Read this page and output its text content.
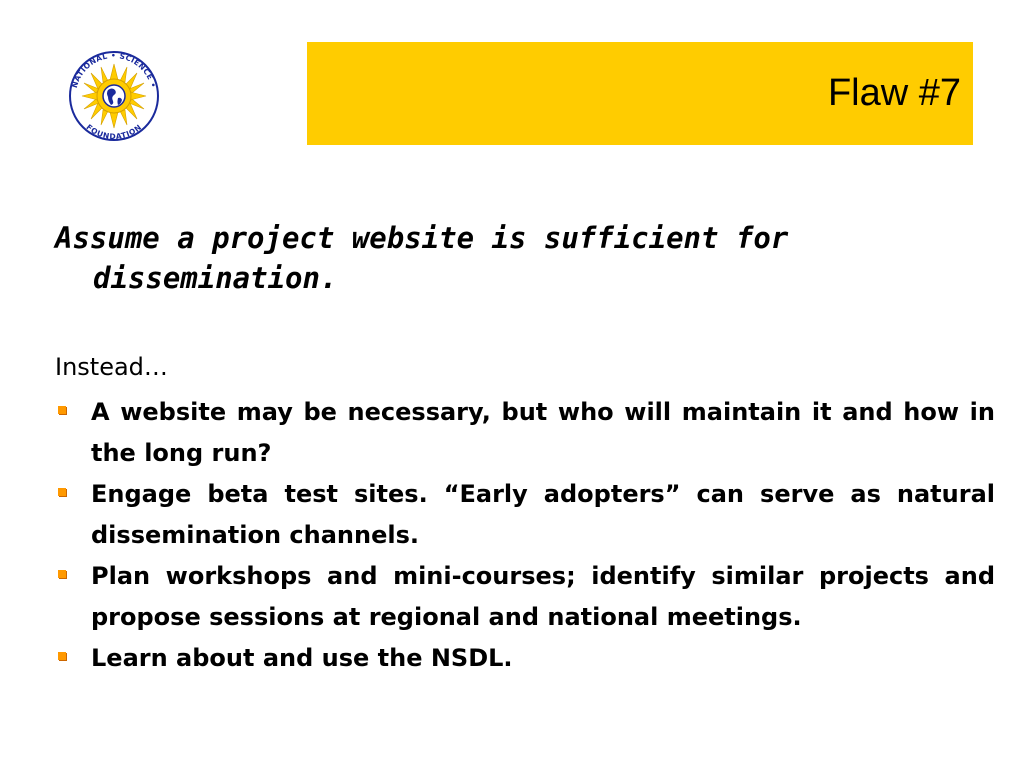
NATIONAL • SCIENCE •
FOUNDATION
Flaw #7
Assume a project website is sufficient for dissemination.
Instead…
A website may be necessary, but who will maintain it and how in the long run?
Engage beta test sites. “Early adopters” can serve as natural dissemination channels.
Plan workshops and mini-courses; identify similar projects and propose sessions at regional and national meetings.
Learn about and use the NSDL.
